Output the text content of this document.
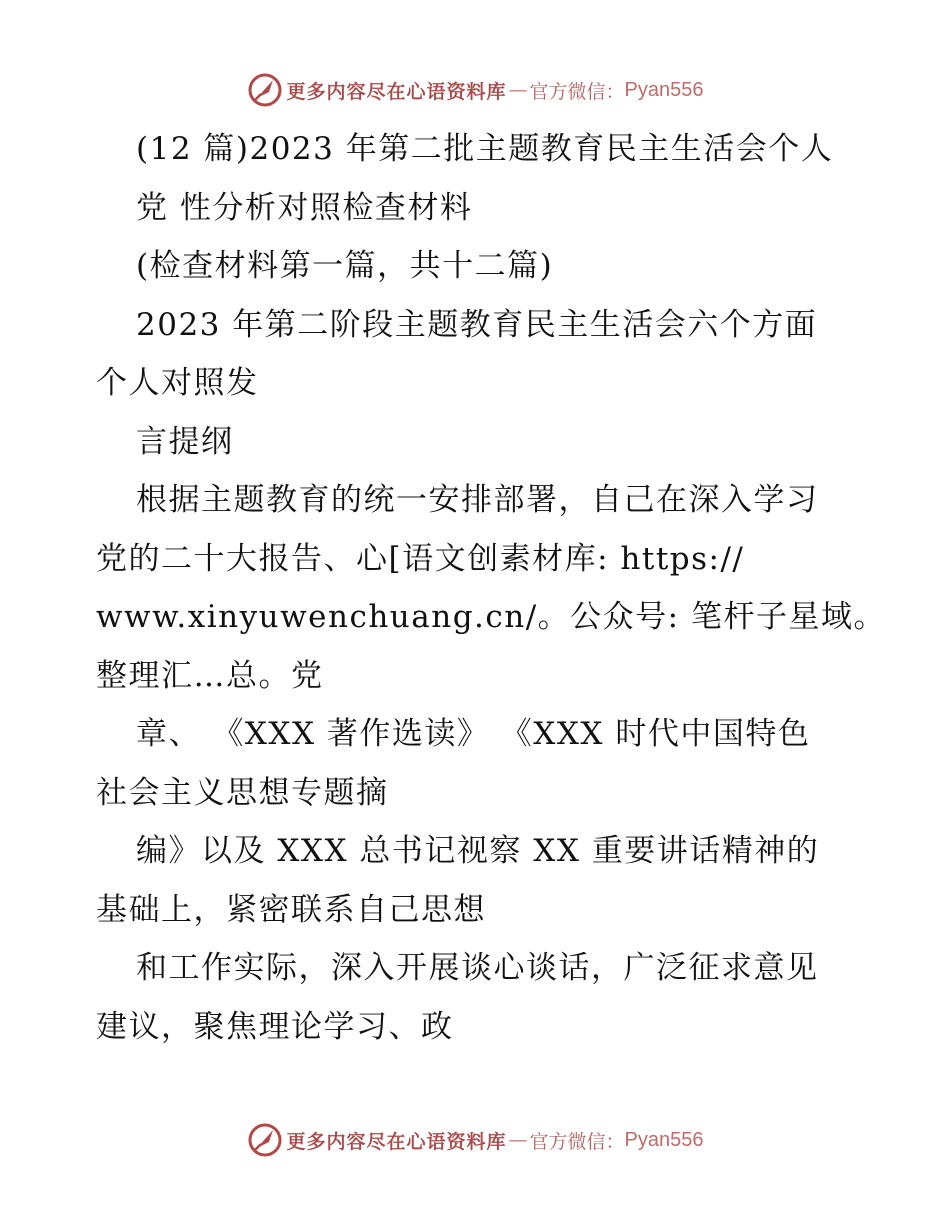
更多内容尽在心语资料库 — 官方微信： Pyan556
(12 篇)2023 年第二批主题教育民主生活会个人
党 性分析对照检查材料
(检查材料第一篇，共十二篇)
2023 年第二阶段主题教育民主生活会六个方面
个人对照发
言提纲
根据主题教育的统一安排部署，自己在深入学习
党的二十大报告、心[语文创素材库: https://
www.xinyuwenchuang.cn/。公众号: 笔杆子星域。
整理汇…总。党
章、 《XXX 著作选读》 《XXX 时代中国特色
社会主义思想专题摘
编》以及 XXX 总书记视察 XX 重要讲话精神的
基础上，紧密联系自己思想
和工作实际，深入开展谈心谈话，广泛征求意见
建议，聚焦理论学习、政
更多内容尽在心语资料库 — 官方微信： Pyan556
